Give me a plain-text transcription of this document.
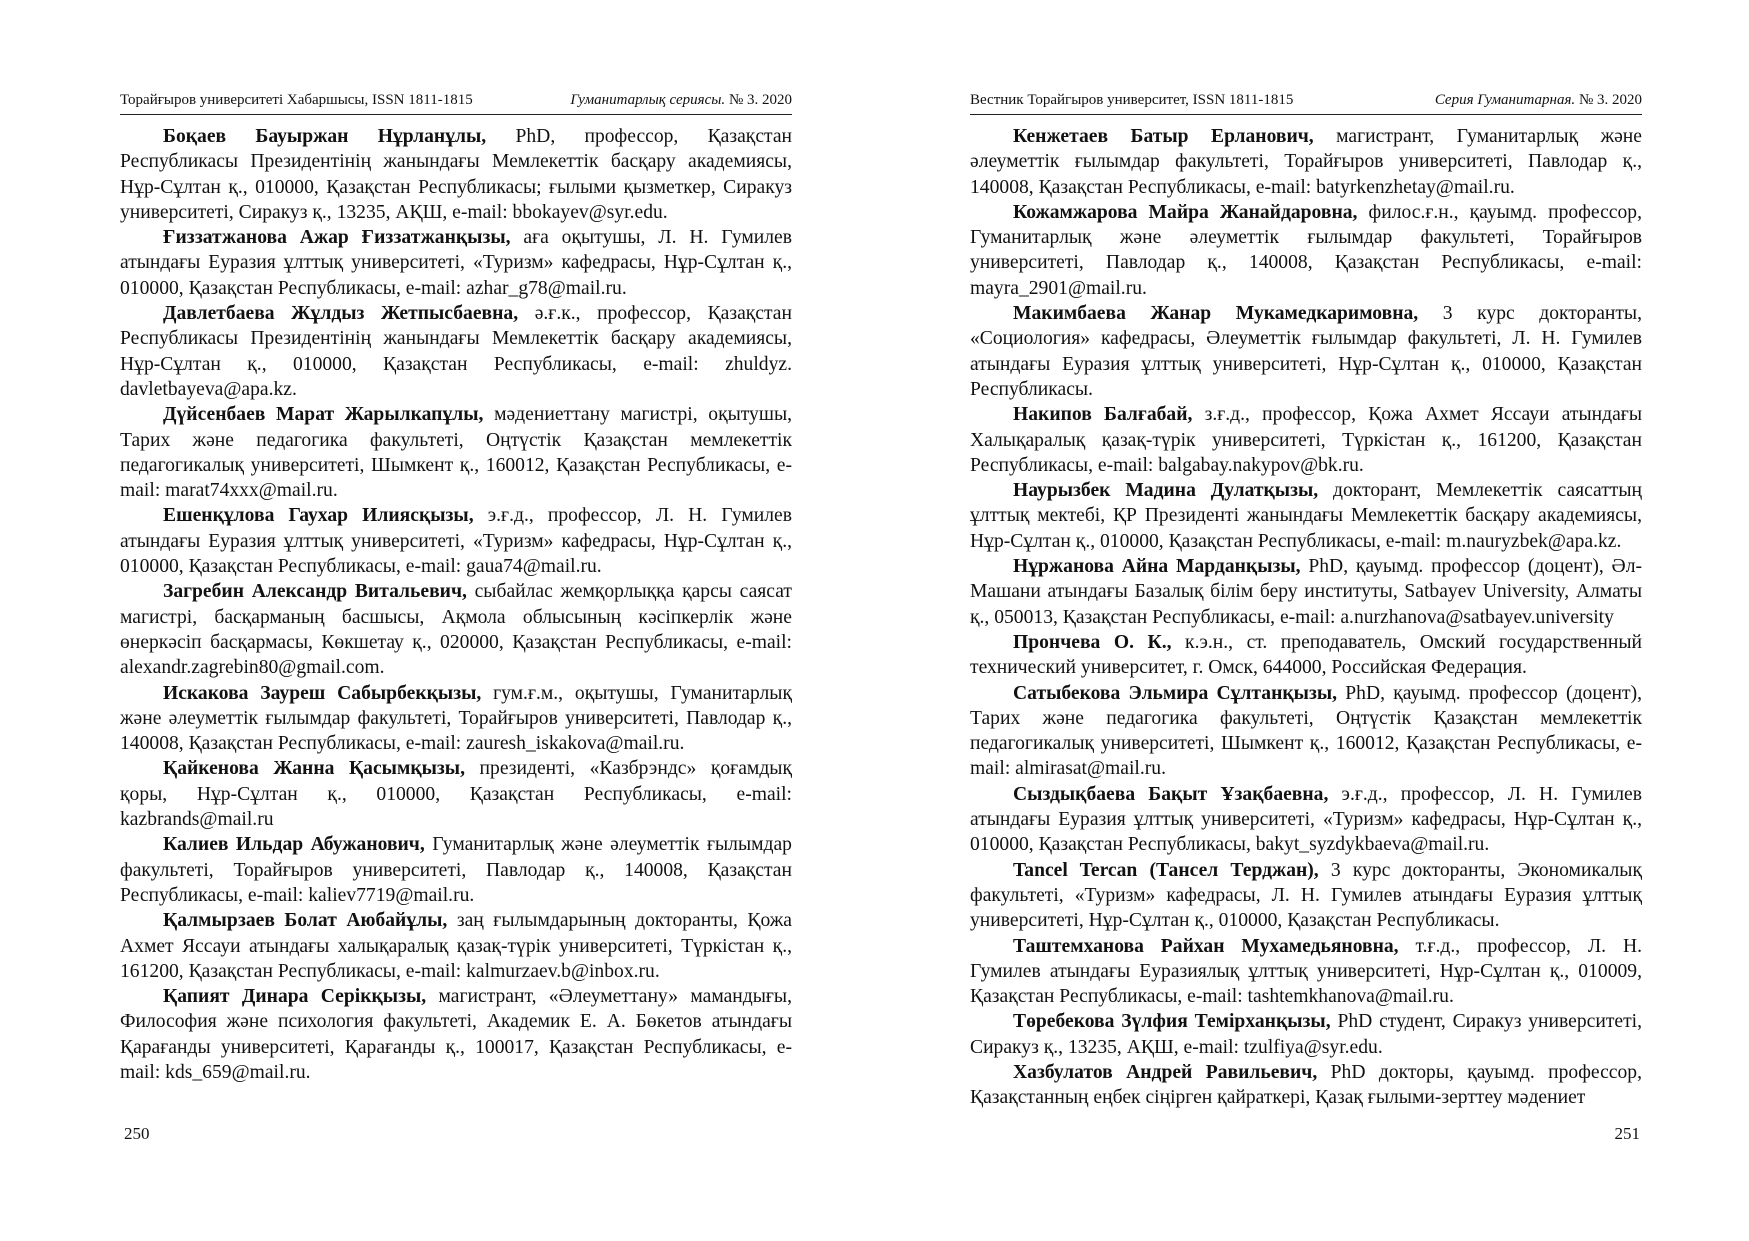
Торайғыров университеті Хабаршысы, ISSN 1811-1815	Гуманитарлық сериясы. № 3. 2020

Боқаев Бауыржан Нұрланұлы, PhD, профессор, Қазақстан Республикасы Президентінің жанындағы Мемлекеттік басқару академиясы, Нұр-Сұлтан қ., 010000, Қазақстан Республикасы; ғылыми қызметкер, Сиракуз университеті, Сиракуз қ., 13235, АҚШ, e-mail: bbokayev@syr.edu.

Ғиззатжанова Ажар Ғиззатжанқызы, аға оқытушы, Л. Н. Гумилев атындағы Еуразия ұлттық университеті, «Туризм» кафедрасы, Нұр-Сұлтан қ., 010000, Қазақстан Республикасы, e-mail: azhar_g78@mail.ru.

Давлетбаева Жұлдыз Жетпысбаевна, ә.ғ.к., профессор, Қазақстан Республикасы Президентінің жанындағы Мемлекеттік басқару академиясы, Нұр-Сұлтан қ., 010000, Қазақстан Республикасы, e-mail: zhuldyz. davletbayeva@apa.kz.

Дүйсенбаев Марат Жарылкапұлы, мәдениеттану магистрі, оқытушы, Тарих және педагогика факультеті, Оңтүстік Қазақстан мемлекеттік педагогикалық университеті, Шымкент қ., 160012, Қазақстан Республикасы, e-mail: marat74xxx@mail.ru.

Ешенқұлова Гаухар Илиясқызы, э.ғ.д., профессор, Л. Н. Гумилев атындағы Еуразия ұлттық университеті, «Туризм» кафедрасы, Нұр-Сұлтан қ., 010000, Қазақстан Республикасы, e-mail: gaua74@mail.ru.

Загребин Александр Витальевич, сыбайлас жемқорлыққа қарсы саясат магистрі, басқарманың басшысы, Ақмола облысының кәсіпкерлік және өнеркәсіп басқармасы, Көкшетау қ., 020000, Қазақстан Республикасы, e-mail: alexandr.zagrebin80@gmail.com.

Искакова Зауреш Сабырбекқызы, гум.ғ.м., оқытушы, Гуманитарлық және әлеуметтік ғылымдар факультеті, Торайғыров университеті, Павлодар қ., 140008, Қазақстан Республикасы, e-mail: zauresh_iskakova@mail.ru.

Қайкенова Жанна Қасымқызы, президенті, «Казбрэндс» қоғамдық қоры, Нұр-Сұлтан қ., 010000, Қазақстан Республикасы, e-mail: kazbrands@mail.ru

Калиев Ильдар Абужанович, Гуманитарлық және әлеуметтік ғылымдар факультеті, Торайғыров университеті, Павлодар қ., 140008, Қазақстан Республикасы, e-mail: kaliev7719@mail.ru.

Қалмырзаев Болат Аюбайұлы, заң ғылымдарының докторанты, Қожа Ахмет Яссауи атындағы халықаралық қазақ-түрік университеті, Түркістан қ., 161200, Қазақстан Республикасы, e-mail: kalmurzaev.b@inbox.ru.

Қапият Динара Серікқызы, магистрант, «Әлеуметтану» мамандығы, Философия және психология факультеті, Академик Е. А. Бөкетов атындағы Қарағанды университеті, Қарағанды қ., 100017, Қазақстан Республикасы, e-mail: kds_659@mail.ru.

250
Вестник Торайгыров университет, ISSN 1811-1815	Серия Гуманитарная. № 3. 2020

Кенжетаев Батыр Ерланович, магистрант, Гуманитарлық және әлеуметтік ғылымдар факультеті, Торайғыров университеті, Павлодар қ., 140008, Қазақстан Республикасы, e-mail: batyrkenzhetay@mail.ru.

Кожамжарова Майра Жанайдаровна, филос.ғ.н., қауымд. профессор, Гуманитарлық және әлеуметтік ғылымдар факультеті, Торайғыров университеті, Павлодар қ., 140008, Қазақстан Республикасы, e-mail: mayra_2901@mail.ru.

Макимбаева Жанар Мукамедкаримовна, 3 курс докторанты, «Социология» кафедрасы, Әлеуметтік ғылымдар факультеті, Л. Н. Гумилев атындағы Еуразия ұлттық университеті, Нұр-Сұлтан қ., 010000, Қазақстан Республикасы.

Накипов Балғабай, з.ғ.д., профессор, Қожа Ахмет Яссауи атындағы Халықаралық қазақ-түрік университеті, Түркістан қ., 161200, Қазақстан Республикасы, e-mail: balgabay.nakypov@bk.ru.

Наурызбек Мадина Дулатқызы, докторант, Мемлекеттік саясаттың ұлттық мектебі, ҚР Президенті жанындағы Мемлекеттік басқару академиясы, Нұр-Сұлтан қ., 010000, Қазақстан Республикасы, e-mail: m.nauryzbek@apa.kz.

Нұржанова Айна Марданқызы, PhD, қауымд. профессор (доцент), Әл-Машани атындағы Базалық білім беру институты, Satbayev University, Алматы қ., 050013, Қазақстан Республикасы, e-mail: a.nurzhanova@satbayev.university

Прончева О. К., к.э.н., ст. преподаватель, Омский государственный технический университет, г. Омск, 644000, Российская Федерация.

Сатыбекова Эльмира Сұлтанқызы, PhD, қауымд. профессор (доцент), Тарих және педагогика факультеті, Оңтүстік Қазақстан мемлекеттік педагогикалық университеті, Шымкент қ., 160012, Қазақстан Республикасы, e-mail: almirasat@mail.ru.

Сыздықбаева Бақыт Ұзақбаевна, э.ғ.д., профессор, Л. Н. Гумилев атындағы Еуразия ұлттық университеті, «Туризм» кафедрасы, Нұр-Сұлтан қ., 010000, Қазақстан Республикасы, bakyt_syzdykbaeva@mail.ru.

Tancel Tercan (Тансел Терджан), 3 курс докторанты, Экономикалық факультеті, «Туризм» кафедрасы, Л. Н. Гумилев атындағы Еуразия ұлттық университеті, Нұр-Сұлтан қ., 010000, Қазақстан Республикасы.

Таштемханова Райхан Мухамедьяновна, т.ғ.д., профессор, Л. Н. Гумилев атындағы Еуразиялық ұлттық университеті, Нұр-Сұлтан қ., 010009, Қазақстан Республикасы, e-mail: tashtemkhanova@mail.ru.

Төребекова Зүлфия Темірханқызы, PhD студент, Сиракуз университеті, Сиракуз қ., 13235, АҚШ, e-mail: tzulfiya@syr.edu.

Хазбулатов Андрей Равильевич, PhD докторы, қауымд. профессор, Қазақстанның еңбек сіңірген қайраткері, Қазақ ғылыми-зерттеу мәдениет

251
